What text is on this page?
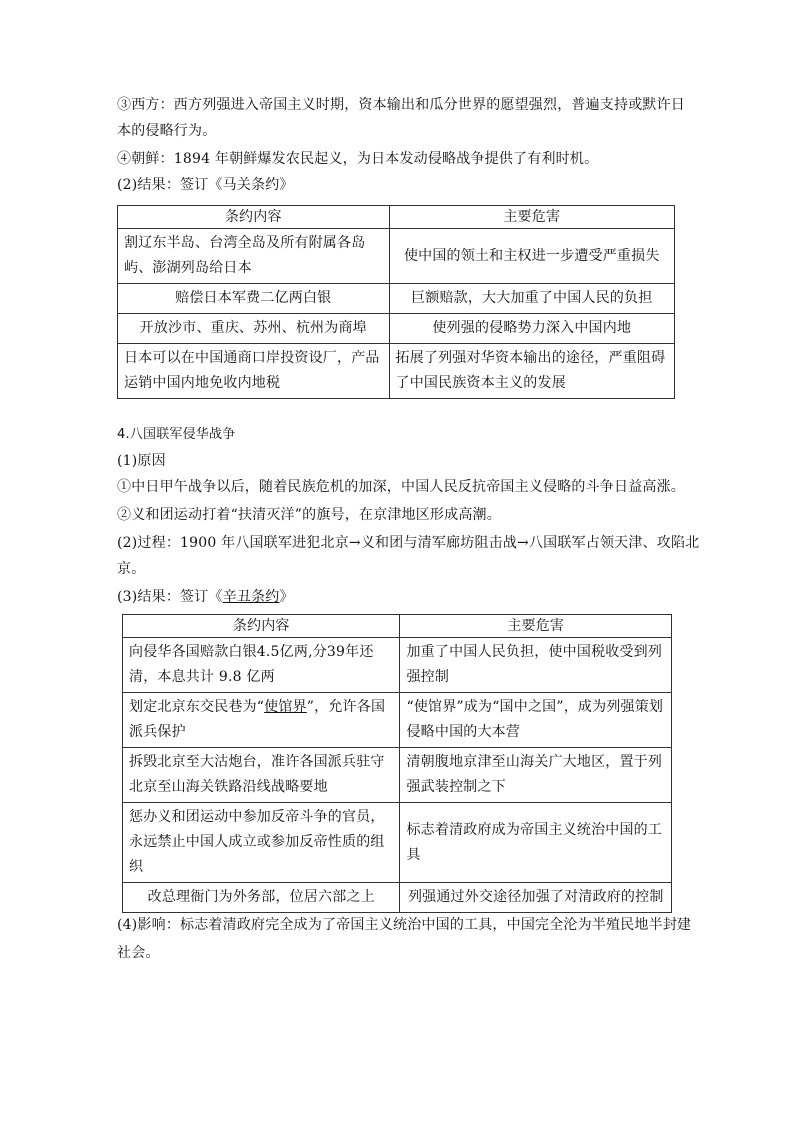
③西方：西方列强进入帝国主义时期，资本输出和瓜分世界的愿望强烈，普遍支持或默许日
本的侵略行为。
④朝鲜：1894 年朝鲜爆发农民起义，为日本发动侵略战争提供了有利时机。
(2)结果：签订《马关条约》
条约内容	主要危害
割辽东半岛、台湾全岛及所有附属各岛屿、澎湖列岛给日本	使中国的领土和主权进一步遭受严重损失
赔偿日本军费二亿两白银	巨额赔款，大大加重了中国人民的负担
开放沙市、重庆、苏州、杭州为商埠	使列强的侵略势力深入中国内地
日本可以在中国通商口岸投资设厂，产品运销中国内地免收内地税	拓展了列强对华资本输出的途径，严重阻碍了中国民族资本主义的发展
4.八国联军侵华战争
(1)原因
①中日甲午战争以后，随着民族危机的加深，中国人民反抗帝国主义侵略的斗争日益高涨。
②义和团运动打着“扶清灭洋”的旗号，在京津地区形成高潮。
(2)过程：1900 年八国联军进犯北京→义和团与清军廊坊阻击战→八国联军占领天津、攻陷北
京。
(3)结果：签订《辛丑条约》
条约内容	主要危害
向侵华各国赔款白银4.5亿两,分39年还清，本息共计 9.8 亿两	加重了中国人民负担，使中国税收受到列强控制
划定北京东交民巷为“使馆界”，允许各国派兵保护	“使馆界”成为“国中之国”，成为列强策划侵略中国的大本营
拆毁北京至大沽炮台，准许各国派兵驻守北京至山海关铁路沿线战略要地	清朝腹地京津至山海关广大地区，置于列强武装控制之下
惩办义和团运动中参加反帝斗争的官员，永远禁止中国人成立或参加反帝性质的组织	标志着清政府成为帝国主义统治中国的工具
改总理衙门为外务部，位居六部之上	列强通过外交途径加强了对清政府的控制
(4)影响：标志着清政府完全成为了帝国主义统治中国的工具，中国完全沦为半殖民地半封建
社会。
